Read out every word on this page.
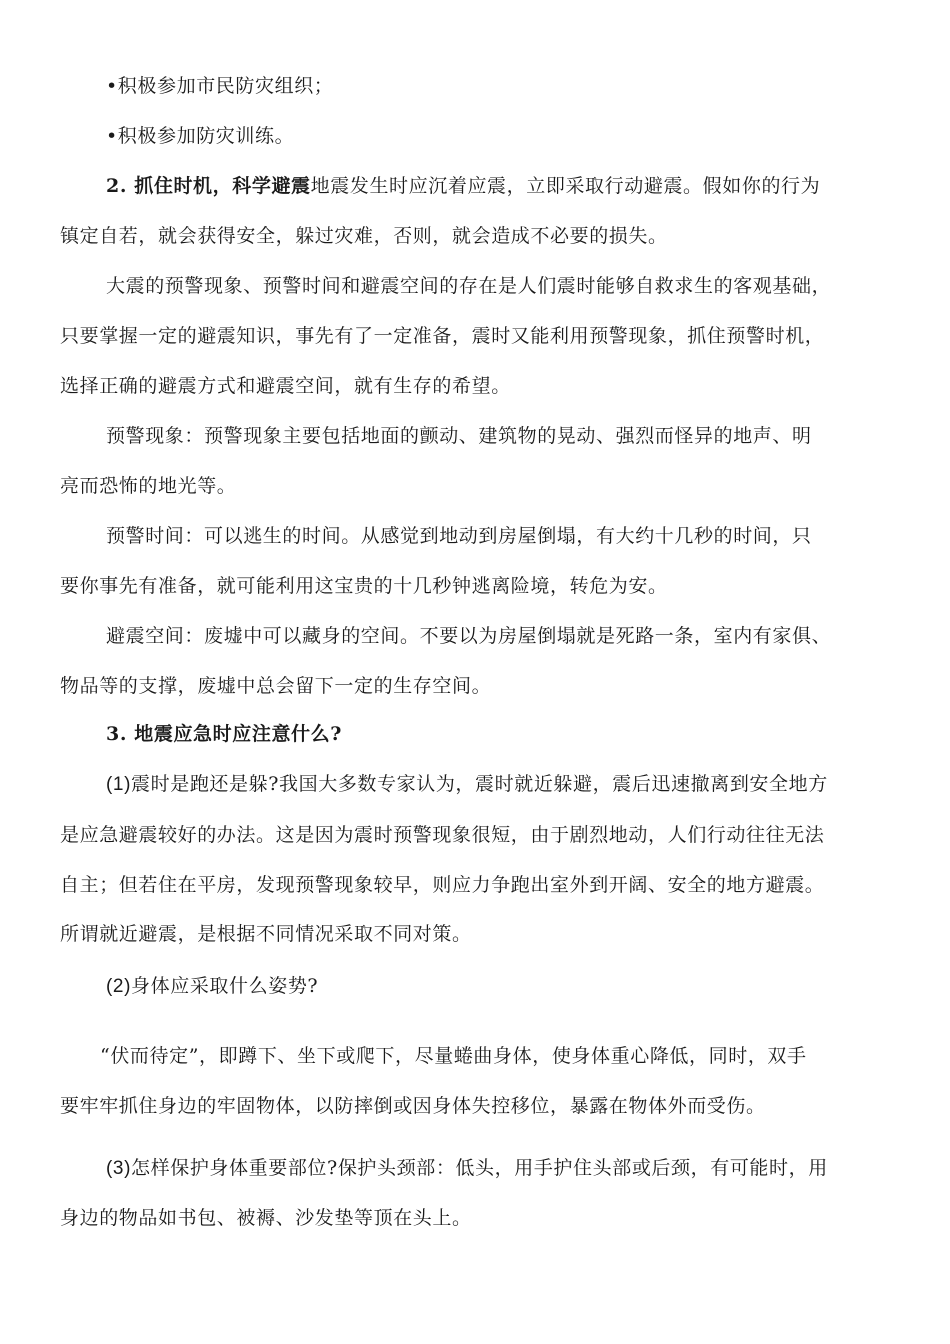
•积极参加市民防灾组织；
•积极参加防灾训练。
2. 抓住时机，科学避震地震发生时应沉着应震，立即采取行动避震。假如你的行为
镇定自若，就会获得安全，躲过灾难，否则，就会造成不必要的损失。
大震的预警现象、预警时间和避震空间的存在是人们震时能够自救求生的客观基础，
只要掌握一定的避震知识，事先有了一定准备，震时又能利用预警现象，抓住预警时机，
选择正确的避震方式和避震空间，就有生存的希望。
预警现象：预警现象主要包括地面的颤动、建筑物的晃动、强烈而怪异的地声、明
亮而恐怖的地光等。
预警时间：可以逃生的时间。从感觉到地动到房屋倒塌，有大约十几秒的时间，只
要你事先有准备，就可能利用这宝贵的十几秒钟逃离险境，转危为安。
避震空间：废墟中可以藏身的空间。不要以为房屋倒塌就是死路一条，室内有家俱、
物品等的支撑，废墟中总会留下一定的生存空间。
3. 地震应急时应注意什么?
(1)震时是跑还是躲?我国大多数专家认为，震时就近躲避，震后迅速撤离到安全地方
是应急避震较好的办法。这是因为震时预警现象很短，由于剧烈地动，人们行动往往无法
自主；但若住在平房，发现预警现象较早，则应力争跑出室外到开阔、安全的地方避震。
所谓就近避震，是根据不同情况采取不同对策。
(2)身体应采取什么姿势?
“伏而待定”，即蹲下、坐下或爬下，尽量蜷曲身体，使身体重心降低，同时，双手
要牢牢抓住身边的牢固物体，以防摔倒或因身体失控移位，暴露在物体外而受伤。
(3)怎样保护身体重要部位?保护头颈部：低头，用手护住头部或后颈，有可能时，用
身边的物品如书包、被褥、沙发垫等顶在头上。
